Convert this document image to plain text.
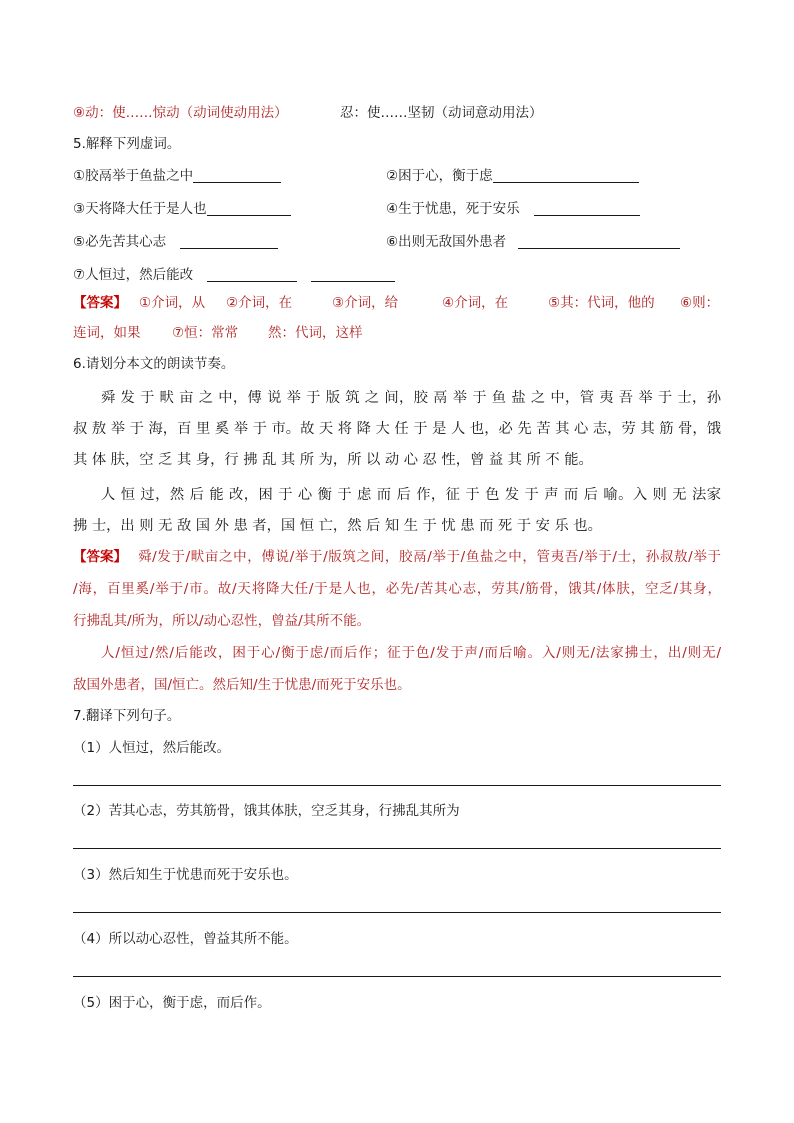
⑨动：使……惊动（动词使动用法）	忍：使……坚韧（动词意动用法）
5.解释下列虚词。
①胶鬲举于鱼盐之中	②困于心，衡于虑
③天将降大任于是人也	④生于忧患，死于安乐
⑤必先苦其心志	⑥出则无敌国外患者
⑦人恒过，然后能改
【答案】 ①介词，从 ②介词，在	③介词，给	④介词，在	⑤其：代词，他的 ⑥则：
连词，如果 ⑦恒：常常 然：代词，这样
6.请划分本文的朗读节奏。
舜 发 于 畎 亩 之 中，傅 说 举 于 版 筑 之 间，胶 鬲 举 于 鱼 盐 之 中，管 夷 吾 举 于 士，孙
叔 敖 举 于 海，百 里 奚 举 于 市。故 天 将 降 大 任 于 是 人 也，必 先 苦 其 心 志，劳 其 筋 骨，饿
其 体 肤，空 乏 其 身，行 拂 乱 其 所 为，所 以 动 心 忍 性，曾 益 其 所 不 能。
人 恒 过，然 后 能 改，困 于 心 衡 于 虑 而 后 作，征 于 色 发 于 声 而 后 喻。入 则 无 法家
拂 士，出 则 无 敌 国 外 患 者，国 恒 亡，然 后 知 生 于 忧 患 而 死 于 安 乐 也。
【答案】 舜/发于/畎亩之中，傅说/举于/版筑之间，胶鬲/举于/鱼盐之中，管夷吾/举于/士，孙叔敖/举于
/海，百里奚/举于/市。故/天将降大任/于是人也，必先/苦其心志，劳其/筋骨，饿其/体肤，空乏/其身，
行拂乱其/所为，所以/动心忍性，曾益/其所不能。
人/恒过/然/后能改，困于心/衡于虑/而后作；征于色/发于声/而后喻。入/则无/法家拂士，出/则无/
敌国外患者，国/恒亡。然后知/生于忧患/而死于安乐也。
7.翻译下列句子。
（1）人恒过，然后能改。
（2）苦其心志，劳其筋骨，饿其体肤，空乏其身，行拂乱其所为
（3）然后知生于忧患而死于安乐也。
（4）所以动心忍性，曾益其所不能。
（5）困于心，衡于虑，而后作。
